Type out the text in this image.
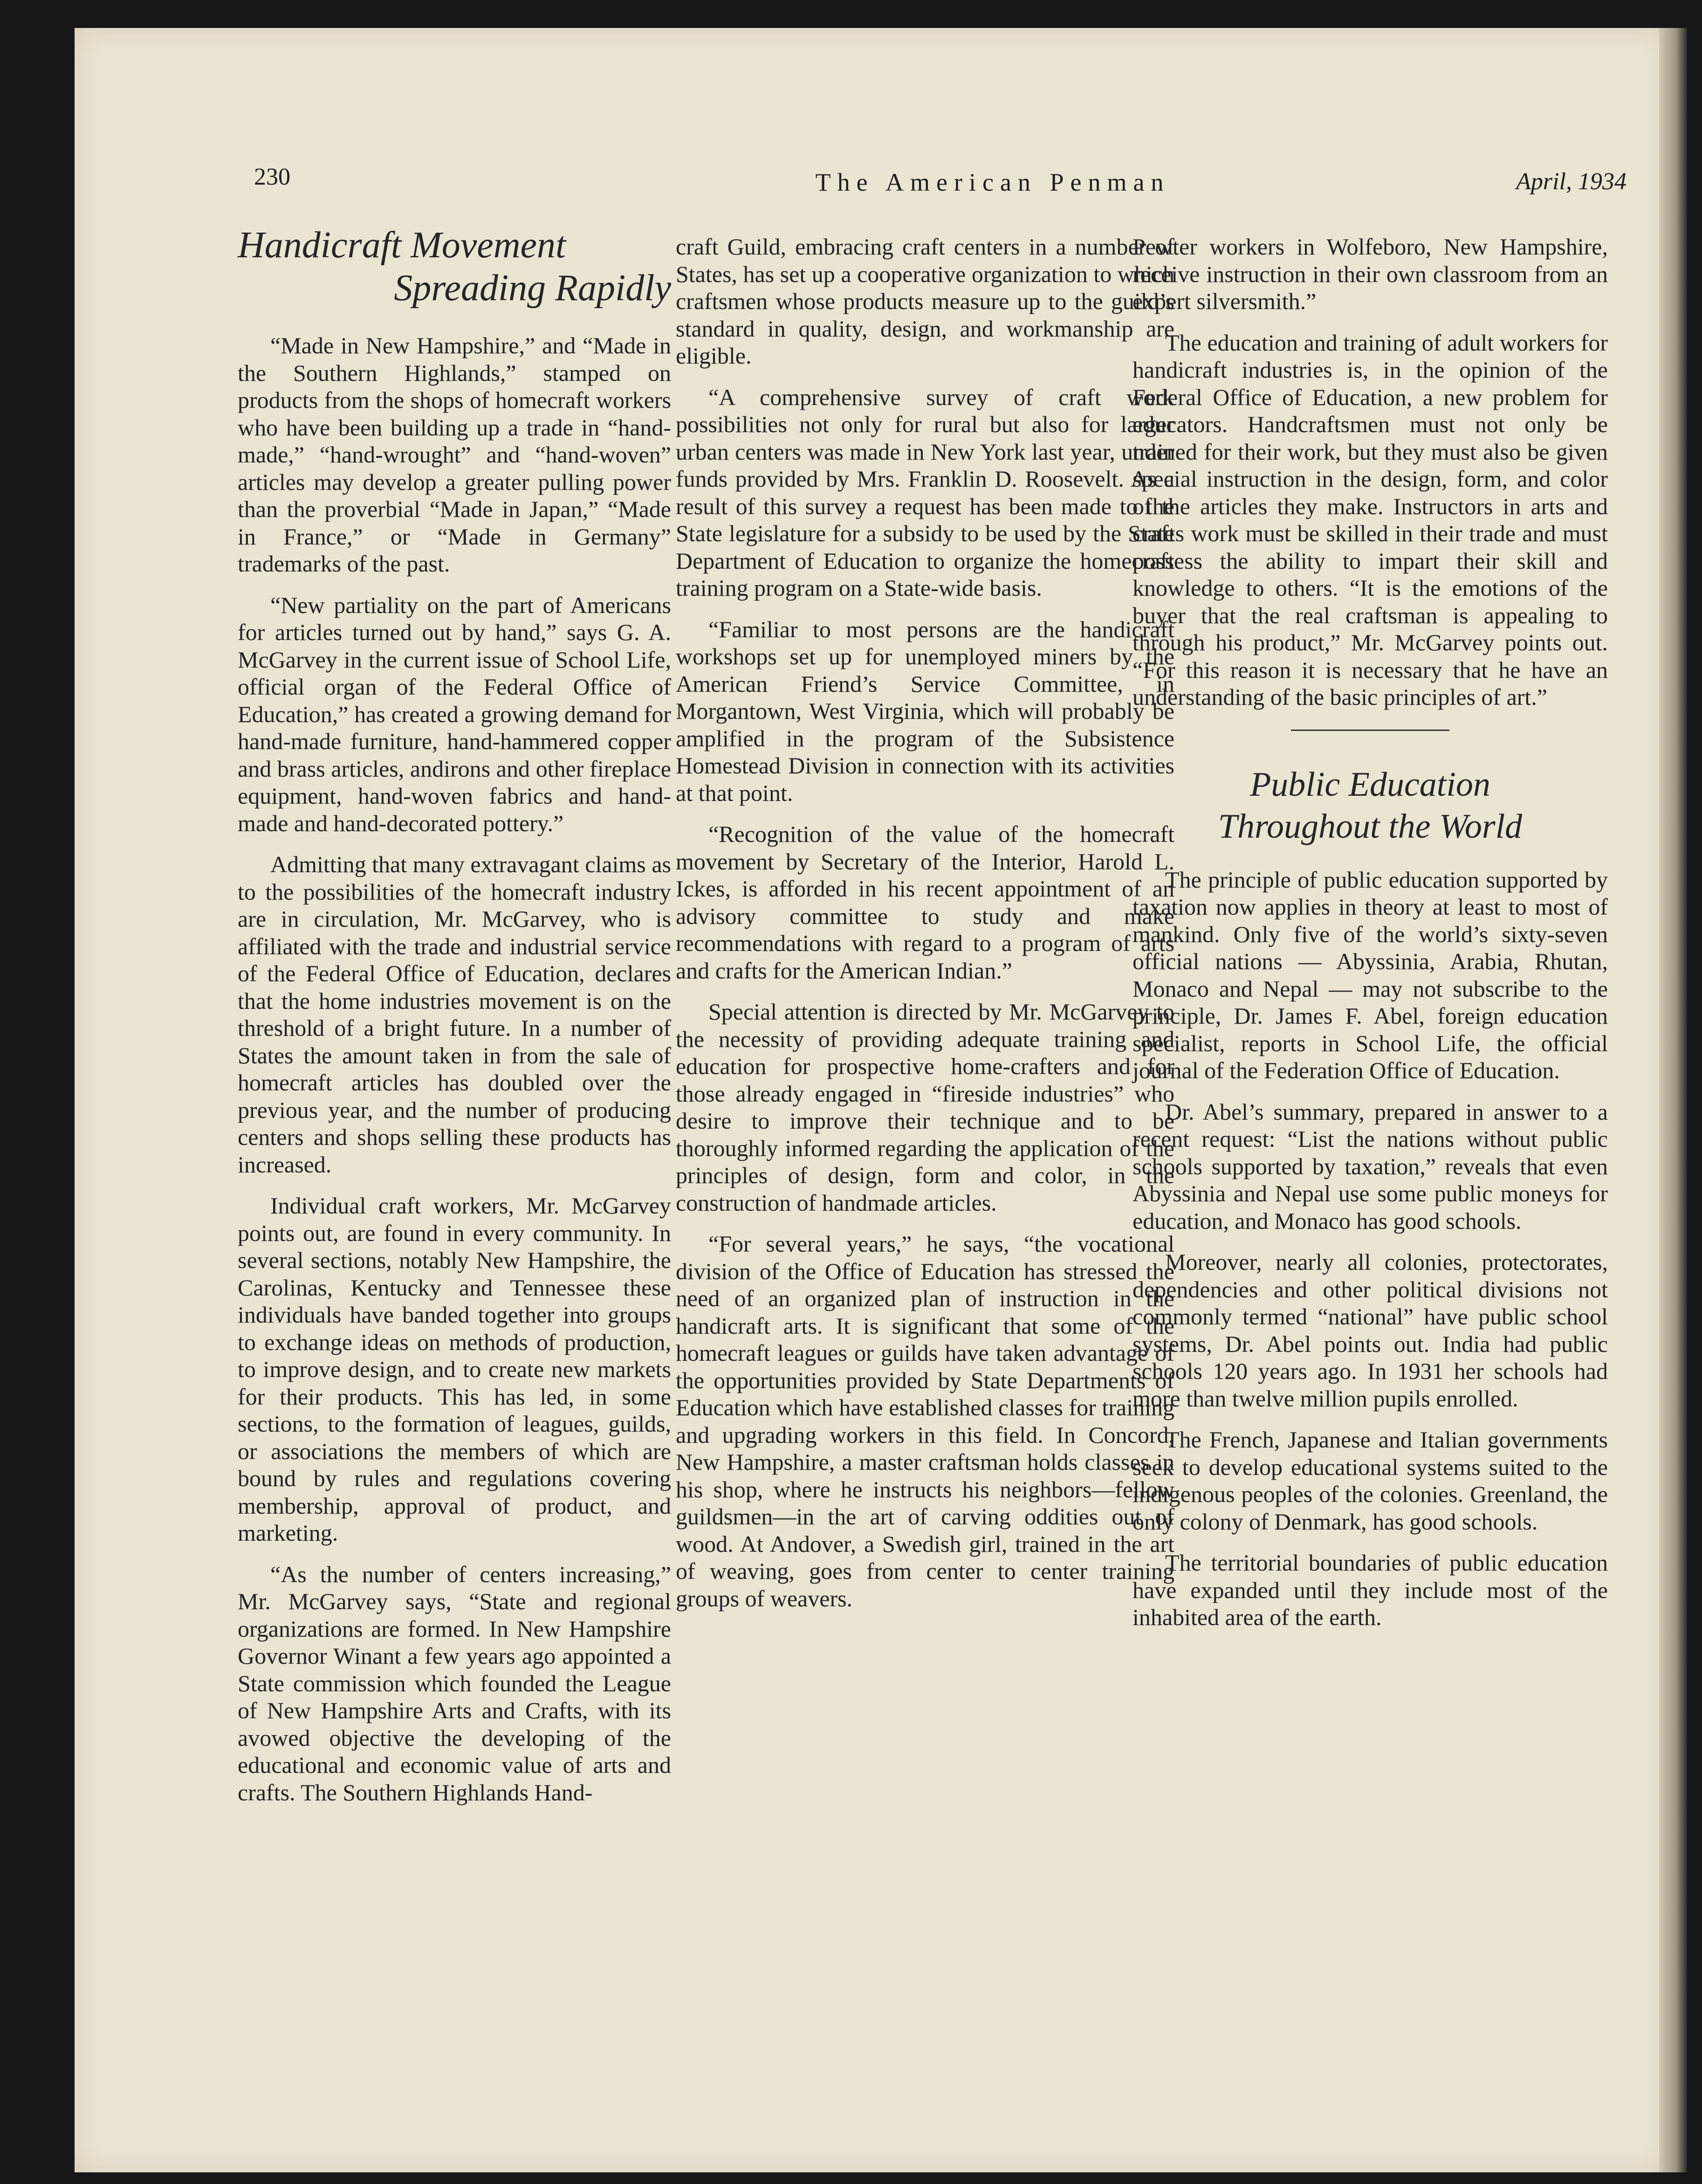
230	The American Penman	April, 1934
Handicraft Movement
Spreading Rapidly

“Made in New Hampshire,” and “Made in the Southern Highlands,” stamped on products from the shops of homecraft workers who have been building up a trade in “hand-made,” “hand-wrought” and “hand-woven” articles may develop a greater pulling power than the proverbial “Made in Japan,” “Made in France,” or “Made in Germany” trademarks of the past.

“New partiality on the part of Americans for articles turned out by hand,” says G. A. McGarvey in the current issue of School Life, official organ of the Federal Office of Education,” has created a growing demand for hand-made furniture, hand-hammered copper and brass articles, andirons and other fireplace equipment, hand-woven fabrics and hand-made and hand-decorated pottery.”

Admitting that many extravagant claims as to the possibilities of the homecraft industry are in circulation, Mr. McGarvey, who is affiliated with the trade and industrial service of the Federal Office of Education, declares that the home industries movement is on the threshold of a bright future. In a number of States the amount taken in from the sale of homecraft articles has doubled over the previous year, and the number of producing centers and shops selling these products has increased.

Individual craft workers, Mr. McGarvey points out, are found in every community. In several sections, notably New Hampshire, the Carolinas, Kentucky and Tennessee these individuals have banded together into groups to exchange ideas on methods of production, to improve design, and to create new markets for their products. This has led, in some sections, to the formation of leagues, guilds, or associations the members of which are bound by rules and regulations covering membership, approval of product, and marketing.

“As the number of centers increasing,” Mr. McGarvey says, “State and regional organizations are formed. In New Hampshire Governor Winant a few years ago appointed a State commission which founded the League of New Hampshire Arts and Crafts, with its avowed objective the developing of the educational and economic value of arts and crafts. The Southern Highlands Hand-

craft Guild, embracing craft centers in a number of States, has set up a cooperative organization to which craftsmen whose products measure up to the guild’s standard in quality, design, and workmanship are eligible.

“A comprehensive survey of craft work possibilities not only for rural but also for larger urban centers was made in New York last year, under funds provided by Mrs. Franklin D. Roosevelt. As a result of this survey a request has been made to the State legislature for a subsidy to be used by the State Department of Education to organize the homecraft training program on a State-wide basis.

“Familiar to most persons are the handicraft workshops set up for unemployed miners by the American Friend’s Service Committee, in Morgantown, West Virginia, which will probably be amplified in the program of the Subsistence Homestead Division in connection with its activities at that point.

“Recognition of the value of the homecraft movement by Secretary of the Interior, Harold L. Ickes, is afforded in his recent appointment of an advisory committee to study and make recommendations with regard to a program of arts and crafts for the American Indian.”

Special attention is directed by Mr. McGarvey to the necessity of providing adequate training and education for prospective home-crafters and for those already engaged in “fireside industries” who desire to improve their technique and to be thoroughly informed regarding the application of the principles of design, form and color, in the construction of handmade articles.

“For several years,” he says, “the vocational division of the Office of Education has stressed the need of an organized plan of instruction in the handicraft arts. It is significant that some of the homecraft leagues or guilds have taken advantage of the opportunities provided by State Departments of Education which have established classes for training and upgrading workers in this field. In Concord, New Hampshire, a master craftsman holds classes in his shop, where he instructs his neighbors—fellow guildsmen—in the art of carving oddities out of wood. At Andover, a Swedish girl, trained in the art of weaving, goes from center to center training groups of weavers.

Pewter workers in Wolfeboro, New Hampshire, receive instruction in their own classroom from an expert silversmith.”

The education and training of adult workers for handicraft industries is, in the opinion of the Federal Office of Education, a new problem for educators. Handcraftsmen must not only be trained for their work, but they must also be given special instruction in the design, form, and color of the articles they make. Instructors in arts and crafts work must be skilled in their trade and must possess the ability to impart their skill and knowledge to others. “It is the emotions of the buyer that the real craftsman is appealing to through his product,” Mr. McGarvey points out. “For this reason it is necessary that he have an understanding of the basic principles of art.”

Public Education
Throughout the World

The principle of public education supported by taxation now applies in theory at least to most of mankind. Only five of the world’s sixty-seven official nations — Abyssinia, Arabia, Rhutan, Monaco and Nepal — may not subscribe to the principle, Dr. James F. Abel, foreign education specialist, reports in School Life, the official journal of the Federation Office of Education.

Dr. Abel’s summary, prepared in answer to a recent request: “List the nations without public schools supported by taxation,” reveals that even Abyssinia and Nepal use some public moneys for education, and Monaco has good schools.

Moreover, nearly all colonies, protectorates, dependencies and other political divisions not commonly termed “national” have public school systems, Dr. Abel points out. India had public schools 120 years ago. In 1931 her schools had more than twelve million pupils enrolled.

The French, Japanese and Italian governments seek to develop educational systems suited to the indigenous peoples of the colonies. Greenland, the only colony of Denmark, has good schools.

The territorial boundaries of public education have expanded until they include most of the inhabited area of the earth.
